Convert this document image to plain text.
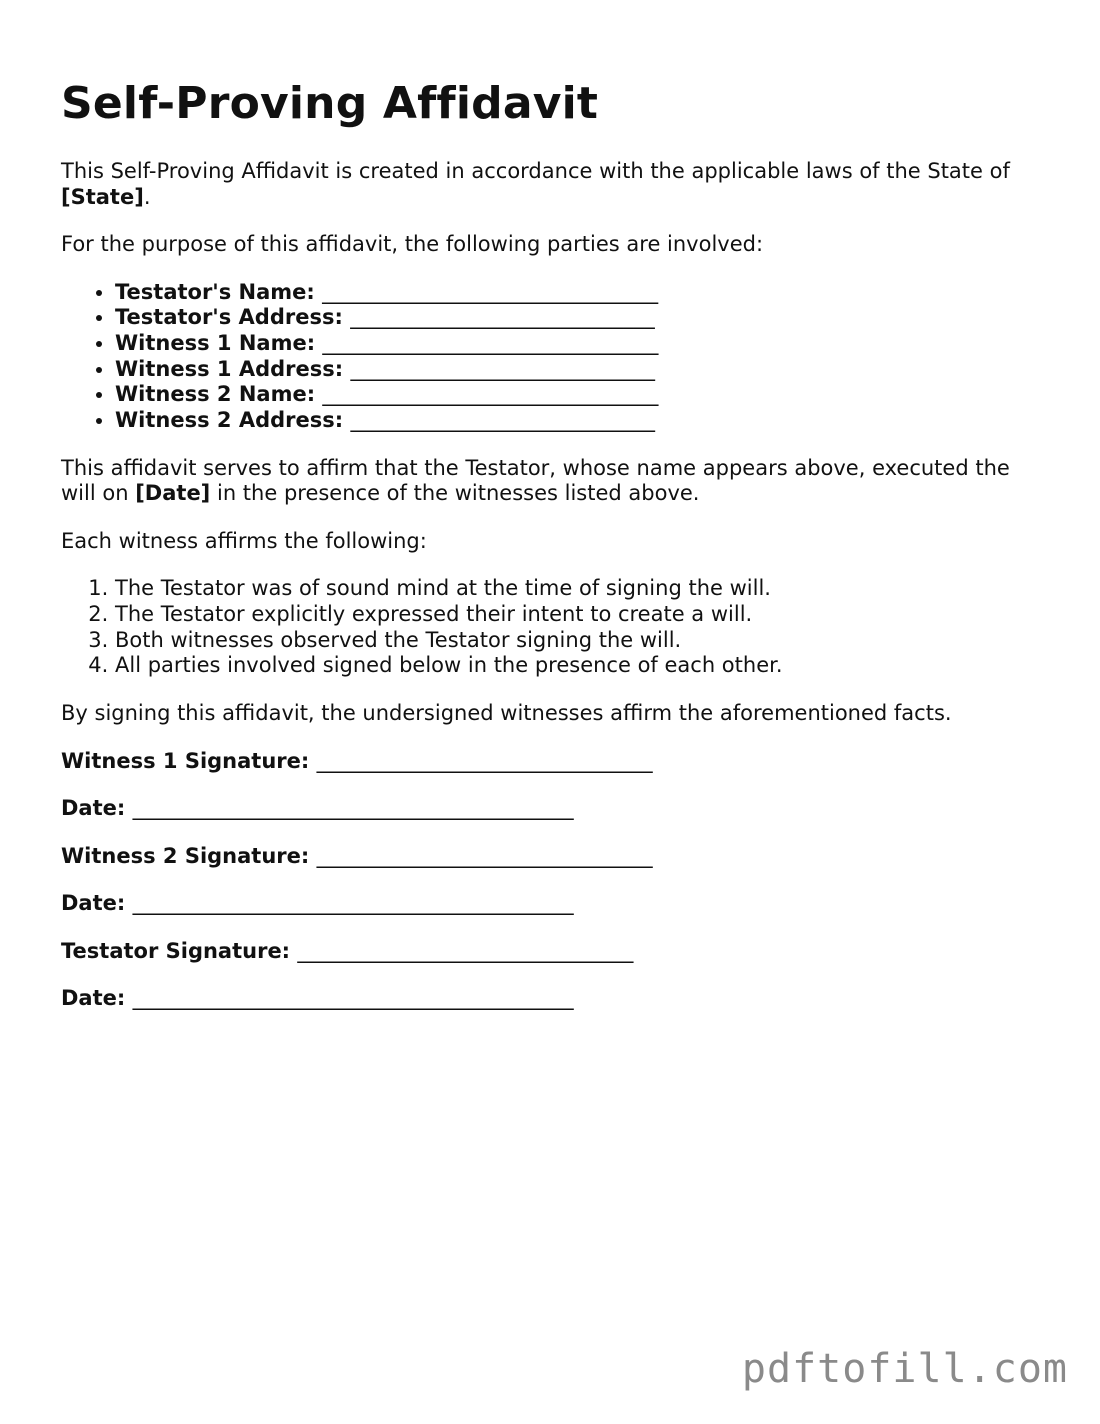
Self-Proving Affidavit

This Self-Proving Affidavit is created in accordance with the applicable laws of the State of
[State].

For the purpose of this affidavit, the following parties are involved:

• Testator's Name: ________________________________
• Testator's Address: _____________________________
• Witness 1 Name: ________________________________
• Witness 1 Address: _____________________________
• Witness 2 Name: ________________________________
• Witness 2 Address: _____________________________

This affidavit serves to affirm that the Testator, whose name appears above, executed the will on [Date] in the presence of the witnesses listed above.

Each witness affirms the following:

1. The Testator was of sound mind at the time of signing the will.
2. The Testator explicitly expressed their intent to create a will.
3. Both witnesses observed the Testator signing the will.
4. All parties involved signed below in the presence of each other.

By signing this affidavit, the undersigned witnesses affirm the aforementioned facts.

Witness 1 Signature: ________________________________
Date: __________________________________________
Witness 2 Signature: ________________________________
Date: __________________________________________
Testator Signature: ________________________________
Date: __________________________________________
pdftofill.com
